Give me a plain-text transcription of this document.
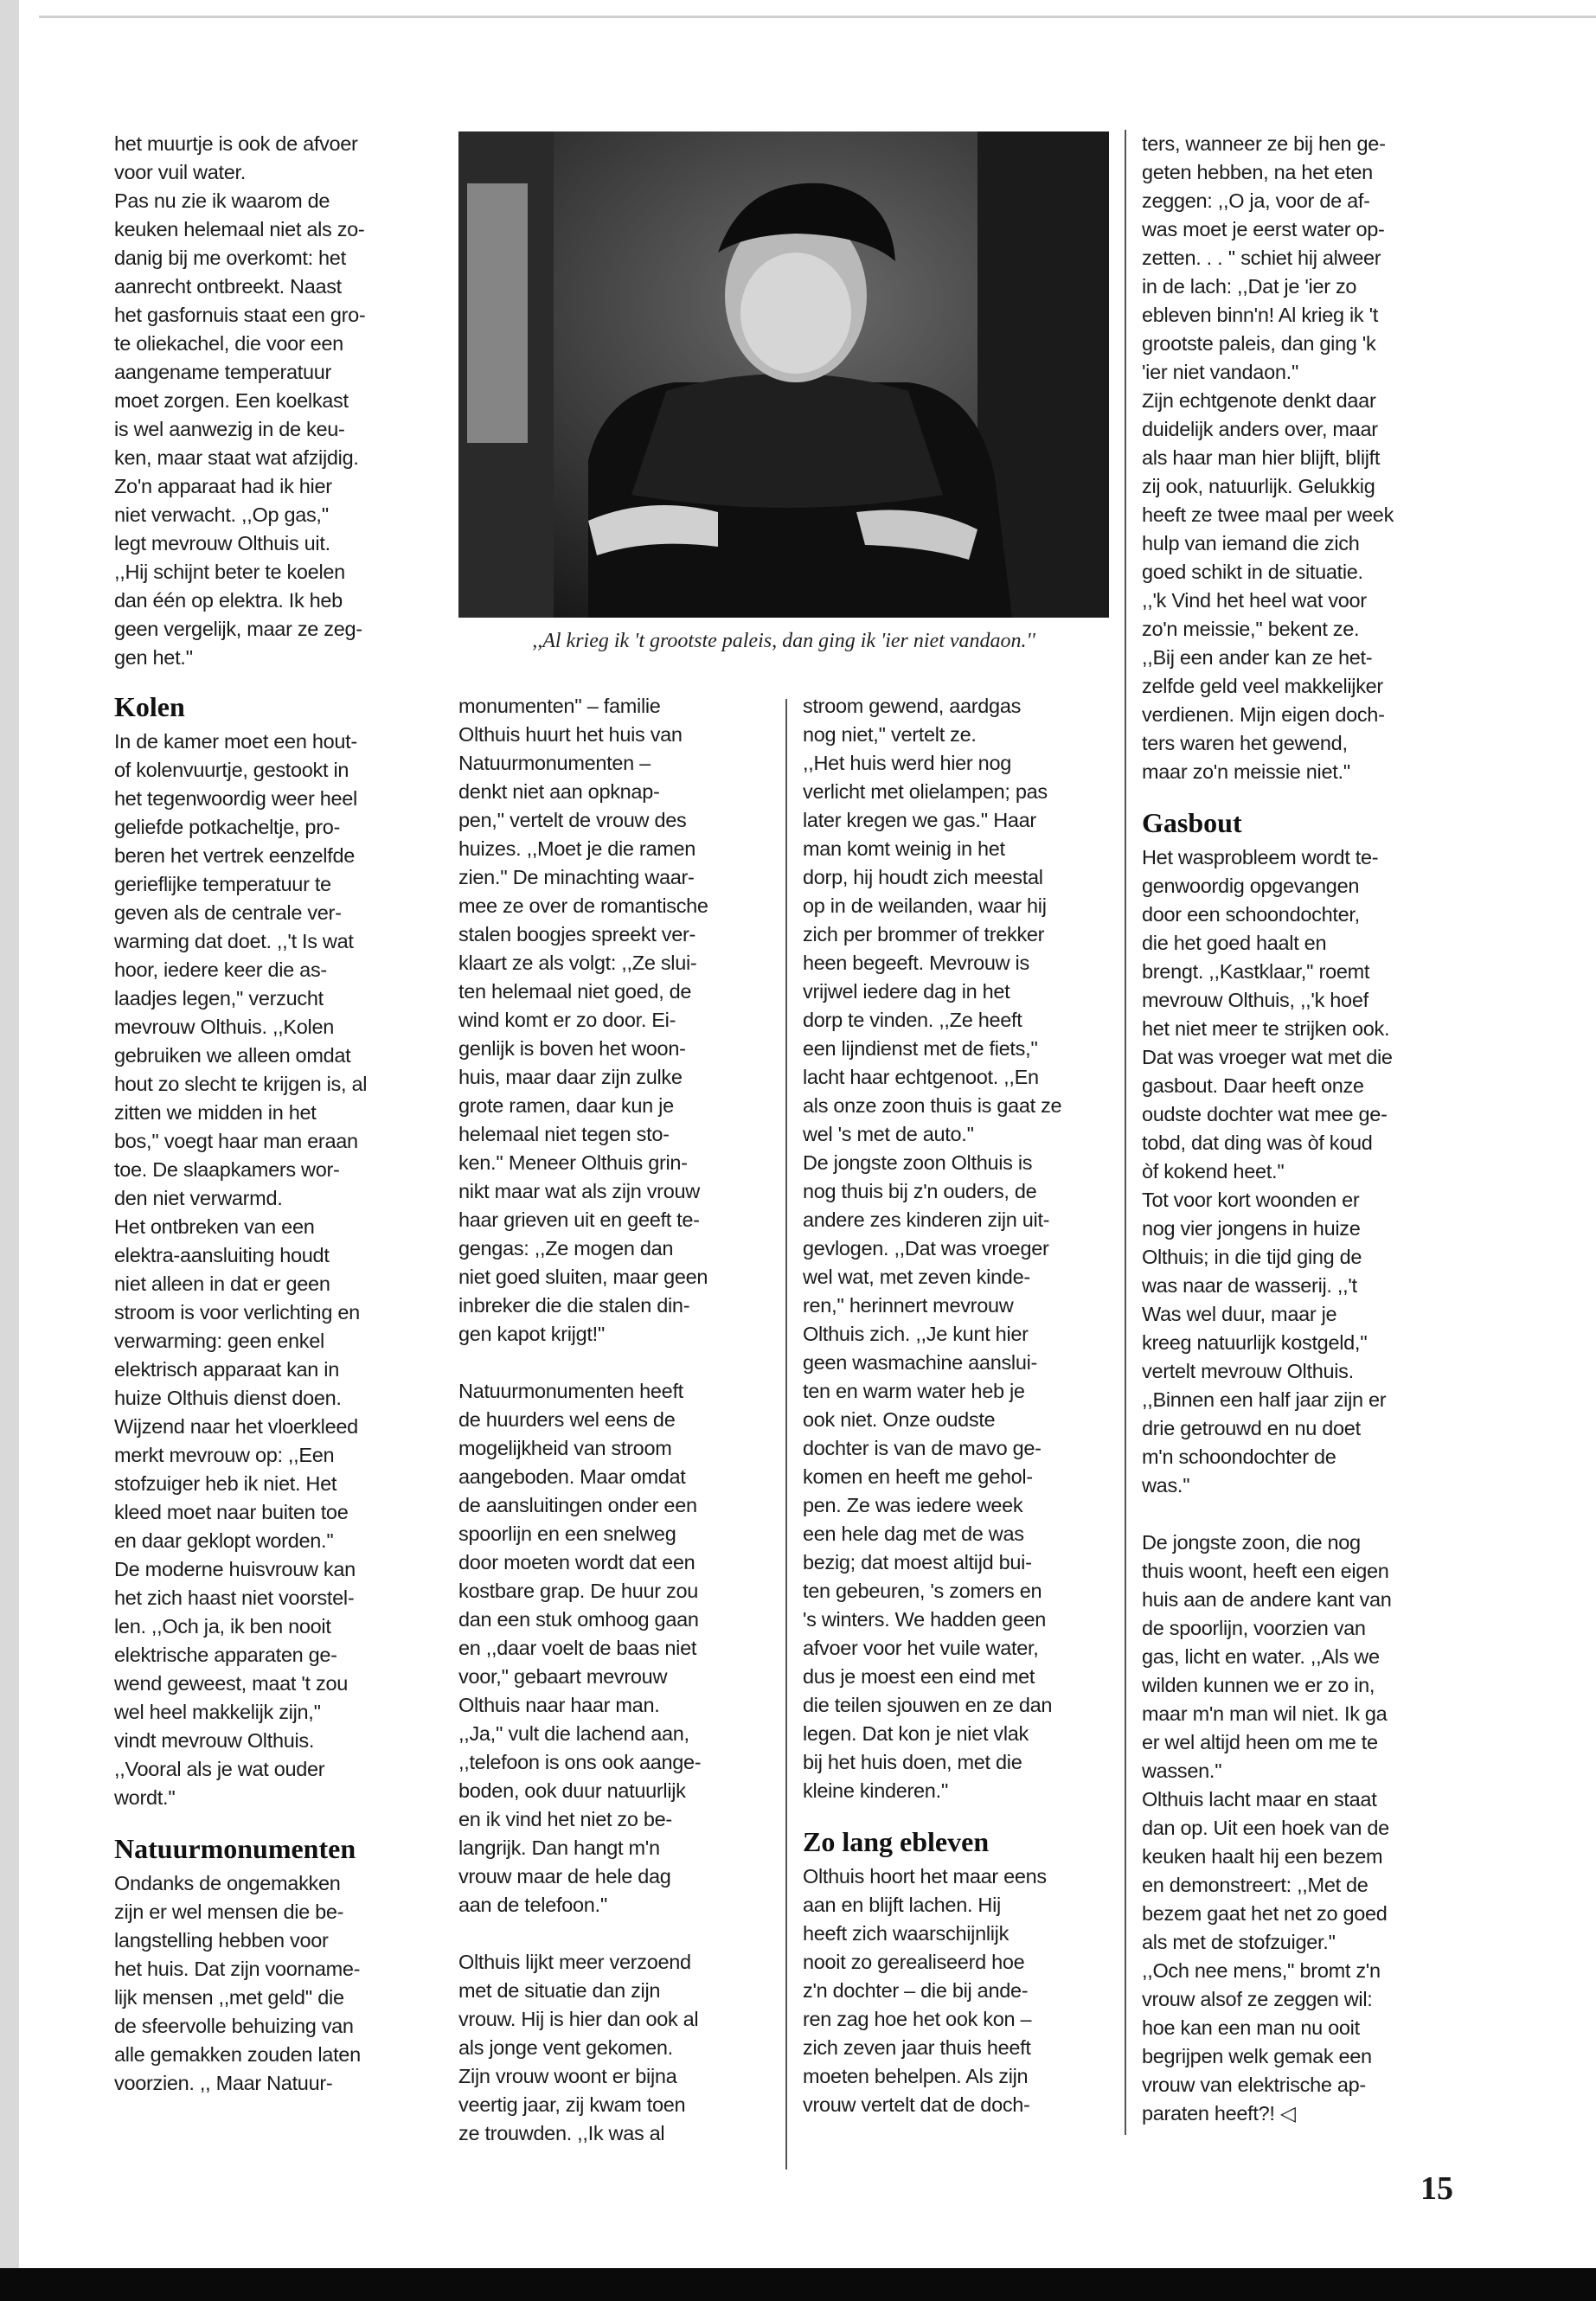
het muurtje is ook de afvoer
voor vuil water.
Pas nu zie ik waarom de
keuken helemaal niet als zo-
danig bij me overkomt: het
aanrecht ontbreekt. Naast
het gasfornuis staat een gro-
te oliekachel, die voor een
aangename temperatuur
moet zorgen. Een koelkast
is wel aanwezig in de keu-
ken, maar staat wat afzijdig.
Zo'n apparaat had ik hier
niet verwacht. ,,Op gas,''
legt mevrouw Olthuis uit.
,,Hij schijnt beter te koelen
dan één op elektra. Ik heb
geen vergelijk, maar ze zeg-
gen het.''

Kolen

In de kamer moet een hout-
of kolenvuurtje, gestookt in
het tegenwoordig weer heel
geliefde potkacheltje, pro-
beren het vertrek eenzelfde
gerieflijke temperatuur te
geven als de centrale ver-
warming dat doet. ,,'t Is wat
hoor, iedere keer die as-
laadjes legen,'' verzucht
mevrouw Olthuis. ,,Kolen
gebruiken we alleen omdat
hout zo slecht te krijgen is, al
zitten we midden in het
bos,'' voegt haar man eraan
toe. De slaapkamers wor-
den niet verwarmd.
Het ontbreken van een
elektra-aansluiting houdt
niet alleen in dat er geen
stroom is voor verlichting en
verwarming: geen enkel
elektrisch apparaat kan in
huize Olthuis dienst doen.
Wijzend naar het vloerkleed
merkt mevrouw op: ,,Een
stofzuiger heb ik niet. Het
kleed moet naar buiten toe
en daar geklopt worden.''
De moderne huisvrouw kan
het zich haast niet voorstel-
len. ,,Och ja, ik ben nooit
elektrische apparaten ge-
wend geweest, maat 't zou
wel heel makkelijk zijn,''
vindt mevrouw Olthuis.
,,Vooral als je wat ouder
wordt.''

Natuurmonumenten

Ondanks de ongemakken
zijn er wel mensen die be-
langstelling hebben voor
het huis. Dat zijn voorname-
lijk mensen ,,met geld'' die
de sfeervolle behuizing van
alle gemakken zouden laten
voorzien. ,, Maar Natuur-

,,Al krieg ik 't grootste paleis, dan ging ik 'ier niet vandaon.''

monumenten'' – familie
Olthuis huurt het huis van
Natuurmonumenten –
denkt niet aan opknap-
pen,'' vertelt de vrouw des
huizes. ,,Moet je die ramen
zien.'' De minachting waar-
mee ze over de romantische
stalen boogjes spreekt ver-
klaart ze als volgt: ,,Ze slui-
ten helemaal niet goed, de
wind komt er zo door. Ei-
genlijk is boven het woon-
huis, maar daar zijn zulke
grote ramen, daar kun je
helemaal niet tegen sto-
ken.'' Meneer Olthuis grin-
nikt maar wat als zijn vrouw
haar grieven uit en geeft te-
gengas: ,,Ze mogen dan
niet goed sluiten, maar geen
inbreker die die stalen din-
gen kapot krijgt!''

Natuurmonumenten heeft
de huurders wel eens de
mogelijkheid van stroom
aangeboden. Maar omdat
de aansluitingen onder een
spoorlijn en een snelweg
door moeten wordt dat een
kostbare grap. De huur zou
dan een stuk omhoog gaan
en ,,daar voelt de baas niet
voor,'' gebaart mevrouw
Olthuis naar haar man.
,,Ja,'' vult die lachend aan,
,,telefoon is ons ook aange-
boden, ook duur natuurlijk
en ik vind het niet zo be-
langrijk. Dan hangt m'n
vrouw maar de hele dag
aan de telefoon.''

Olthuis lijkt meer verzoend
met de situatie dan zijn
vrouw. Hij is hier dan ook al
als jonge vent gekomen.
Zijn vrouw woont er bijna
veertig jaar, zij kwam toen
ze trouwden. ,,Ik was al

stroom gewend, aardgas
nog niet,'' vertelt ze.
,,Het huis werd hier nog
verlicht met olielampen; pas
later kregen we gas.'' Haar
man komt weinig in het
dorp, hij houdt zich meestal
op in de weilanden, waar hij
zich per brommer of trekker
heen begeeft. Mevrouw is
vrijwel iedere dag in het
dorp te vinden. ,,Ze heeft
een lijndienst met de fiets,''
lacht haar echtgenoot. ,,En
als onze zoon thuis is gaat ze
wel 's met de auto.''
De jongste zoon Olthuis is
nog thuis bij z'n ouders, de
andere zes kinderen zijn uit-
gevlogen. ,,Dat was vroeger
wel wat, met zeven kinde-
ren,'' herinnert mevrouw
Olthuis zich. ,,Je kunt hier
geen wasmachine aanslui-
ten en warm water heb je
ook niet. Onze oudste
dochter is van de mavo ge-
komen en heeft me gehol-
pen. Ze was iedere week
een hele dag met de was
bezig; dat moest altijd bui-
ten gebeuren, 's zomers en
's winters. We hadden geen
afvoer voor het vuile water,
dus je moest een eind met
die teilen sjouwen en ze dan
legen. Dat kon je niet vlak
bij het huis doen, met die
kleine kinderen.''

Zo lang ebleven

Olthuis hoort het maar eens
aan en blijft lachen. Hij
heeft zich waarschijnlijk
nooit zo gerealiseerd hoe
z'n dochter – die bij ande-
ren zag hoe het ook kon –
zich zeven jaar thuis heeft
moeten behelpen. Als zijn
vrouw vertelt dat de doch-

ters, wanneer ze bij hen ge-
geten hebben, na het eten
zeggen: ,,O ja, voor de af-
was moet je eerst water op-
zetten. . . '' schiet hij alweer
in de lach: ,,Dat je 'ier zo
ebleven binn'n! Al krieg ik 't
grootste paleis, dan ging 'k
'ier niet vandaon.''
Zijn echtgenote denkt daar
duidelijk anders over, maar
als haar man hier blijft, blijft
zij ook, natuurlijk. Gelukkig
heeft ze twee maal per week
hulp van iemand die zich
goed schikt in de situatie.
,,'k Vind het heel wat voor
zo'n meissie,'' bekent ze.
,,Bij een ander kan ze het-
zelfde geld veel makkelijker
verdienen. Mijn eigen doch-
ters waren het gewend,
maar zo'n meissie niet.''

Gasbout

Het wasprobleem wordt te-
genwoordig opgevangen
door een schoondochter,
die het goed haalt en
brengt. ,,Kastklaar,'' roemt
mevrouw Olthuis, ,,'k hoef
het niet meer te strijken ook.
Dat was vroeger wat met die
gasbout. Daar heeft onze
oudste dochter wat mee ge-
tobd, dat ding was òf koud
òf kokend heet.''
Tot voor kort woonden er
nog vier jongens in huize
Olthuis; in die tijd ging de
was naar de wasserij. ,,'t
Was wel duur, maar je
kreeg natuurlijk kostgeld,''
vertelt mevrouw Olthuis.
,,Binnen een half jaar zijn er
drie getrouwd en nu doet
m'n schoondochter de
was.''

De jongste zoon, die nog
thuis woont, heeft een eigen
huis aan de andere kant van
de spoorlijn, voorzien van
gas, licht en water. ,,Als we
wilden kunnen we er zo in,
maar m'n man wil niet. Ik ga
er wel altijd heen om me te
wassen.''
Olthuis lacht maar en staat
dan op. Uit een hoek van de
keuken haalt hij een bezem
en demonstreert: ,,Met de
bezem gaat het net zo goed
als met de stofzuiger.''
,,Och nee mens,'' bromt z'n
vrouw alsof ze zeggen wil:
hoe kan een man nu ooit
begrijpen welk gemak een
vrouw van elektrische ap-
paraten heeft?! ◁

15
